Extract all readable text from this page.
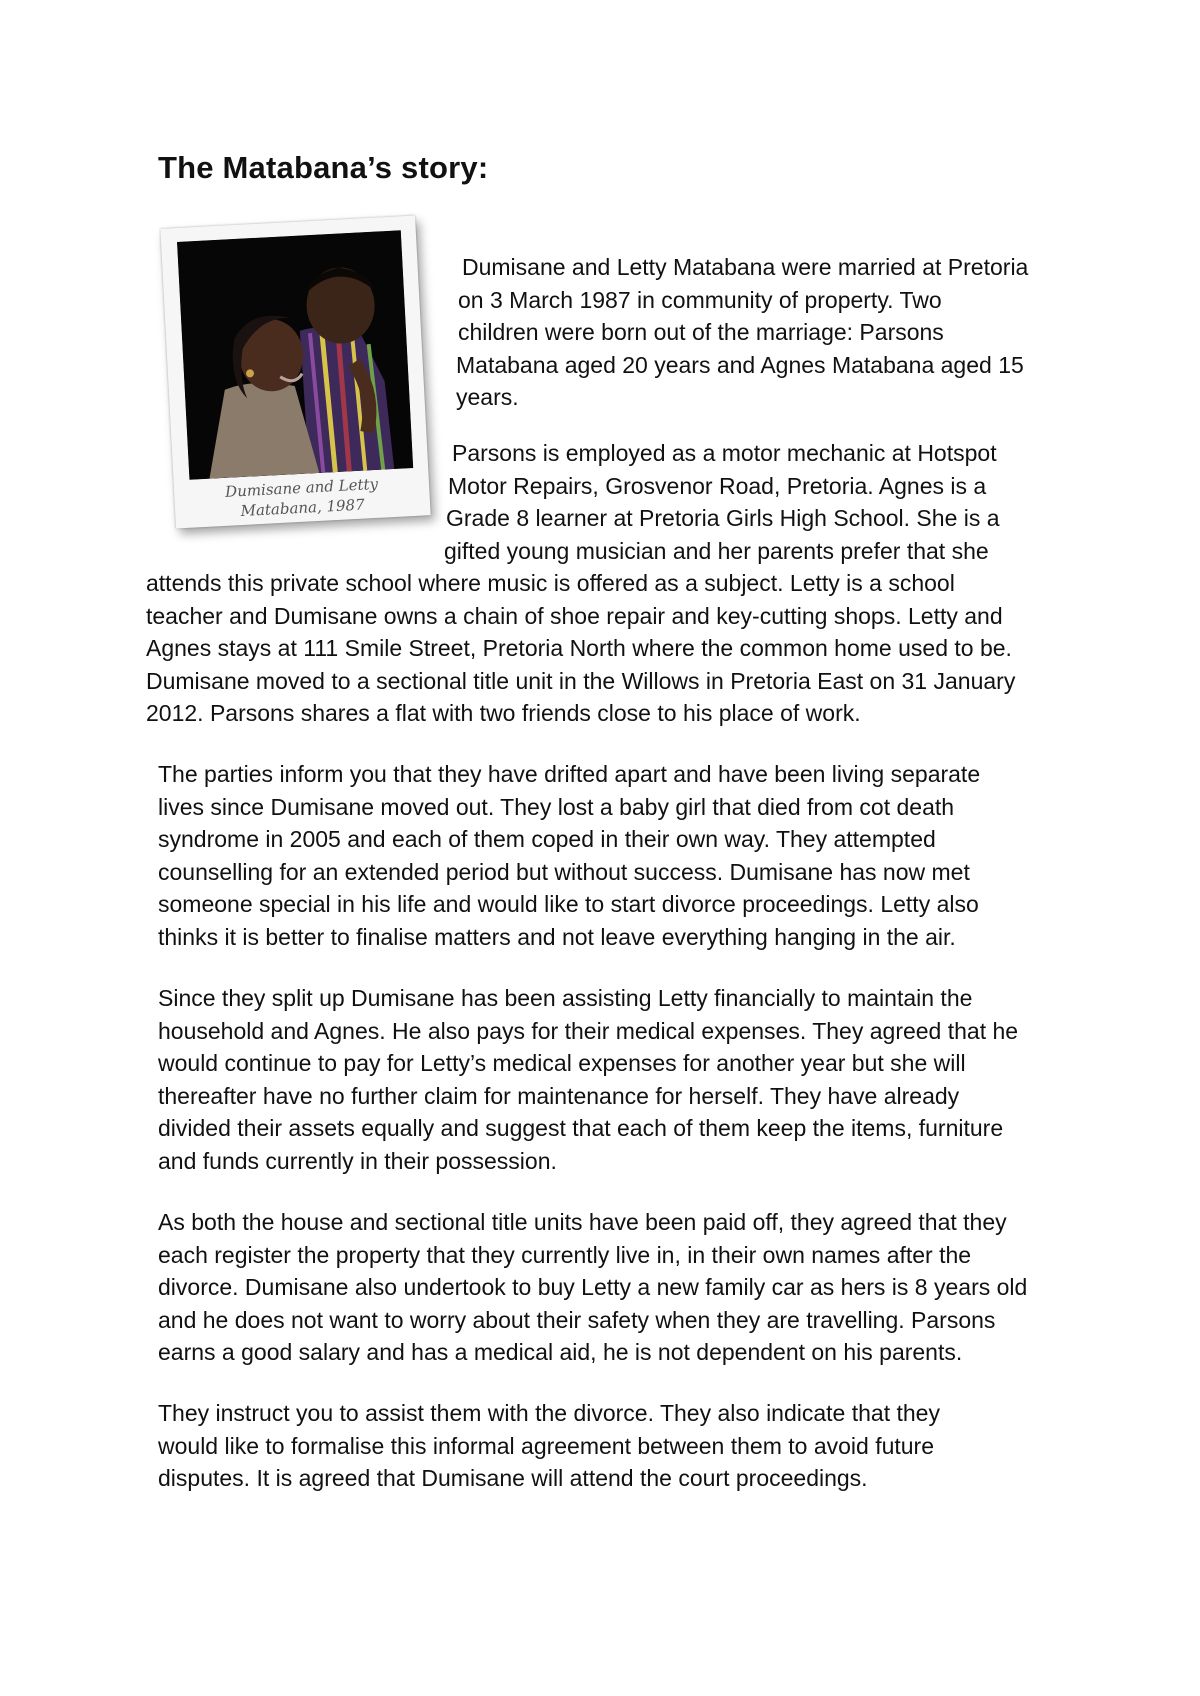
The Matabana’s story:
Dumisane and Letty
Matabana, 1987
Dumisane and Letty Matabana were married at Pretoria
on 3 March 1987 in community of property. Two
children were born out of the marriage: Parsons
Matabana aged 20 years and Agnes Matabana aged 15
years.
Parsons is employed as a motor mechanic at Hotspot
Motor Repairs, Grosvenor Road, Pretoria. Agnes is a
Grade 8 learner at Pretoria Girls High School. She is a
gifted young musician and her parents prefer that she
attends this private school where music is offered as a subject. Letty is a school
teacher and Dumisane owns a chain of shoe repair and key-cutting shops. Letty and
Agnes stays at 111 Smile Street, Pretoria North where the common home used to be.
Dumisane moved to a sectional title unit in the Willows in Pretoria East on 31 January
2012. Parsons shares a flat with two friends close to his place of work.
The parties inform you that they have drifted apart and have been living separate
lives since Dumisane moved out. They lost a baby girl that died from cot death
syndrome in 2005 and each of them coped in their own way. They attempted
counselling for an extended period but without success. Dumisane has now met
someone special in his life and would like to start divorce proceedings. Letty also
thinks it is better to finalise matters and not leave everything hanging in the air.
Since they split up Dumisane has been assisting Letty financially to maintain the
household and Agnes. He also pays for their medical expenses. They agreed that he
would continue to pay for Letty’s medical expenses for another year but she will
thereafter have no further claim for maintenance for herself. They have already
divided their assets equally and suggest that each of them keep the items, furniture
and funds currently in their possession.
As both the house and sectional title units have been paid off, they agreed that they
each register the property that they currently live in, in their own names after the
divorce. Dumisane also undertook to buy Letty a new family car as hers is 8 years old
and he does not want to worry about their safety when they are travelling. Parsons
earns a good salary and has a medical aid, he is not dependent on his parents.
They instruct you to assist them with the divorce. They also indicate that they
would like to formalise this informal agreement between them to avoid future
disputes. It is agreed that Dumisane will attend the court proceedings.
